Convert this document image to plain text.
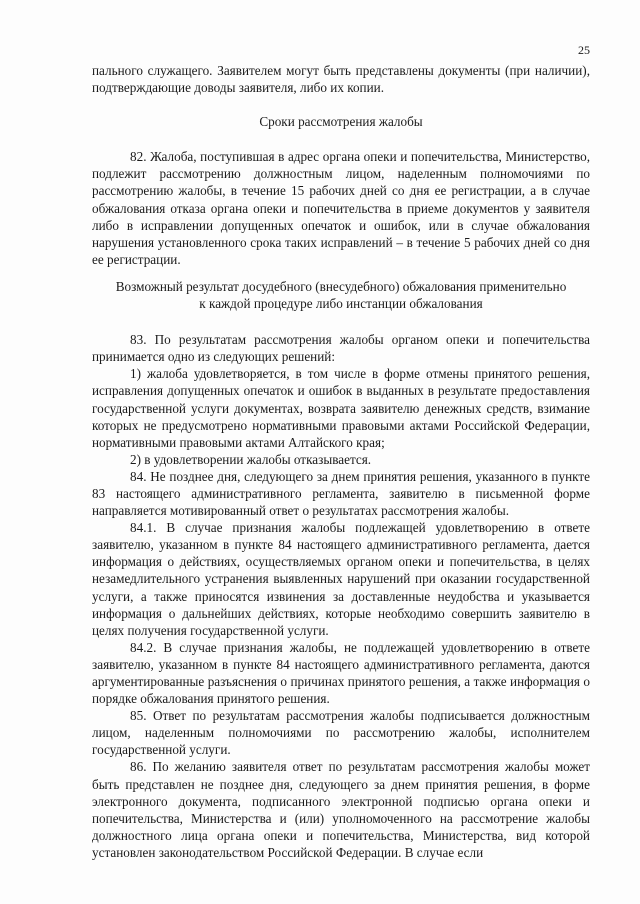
25

пального служащего. Заявителем могут быть представлены документы (при наличии), подтверждающие доводы заявителя, либо их копии.

Сроки рассмотрения жалобы

82. Жалоба, поступившая в адрес органа опеки и попечительства, Министерство, подлежит рассмотрению должностным лицом, наделенным полномочиями по рассмотрению жалобы, в течение 15 рабочих дней со дня ее регистрации, а в случае обжалования отказа органа опеки и попечительства в приеме документов у заявителя либо в исправлении допущенных опечаток и ошибок, или в случае обжалования нарушения установленного срока таких исправлений – в течение 5 рабочих дней со дня ее регистрации.

Возможный результат досудебного (внесудебного) обжалования применительно к каждой процедуре либо инстанции обжалования

83. По результатам рассмотрения жалобы органом опеки и попечительства принимается одно из следующих решений:

1) жалоба удовлетворяется, в том числе в форме отмены принятого решения, исправления допущенных опечаток и ошибок в выданных в результате предоставления государственной услуги документах, возврата заявителю денежных средств, взимание которых не предусмотрено нормативными правовыми актами Российской Федерации, нормативными правовыми актами Алтайского края;

2) в удовлетворении жалобы отказывается.

84. Не позднее дня, следующего за днем принятия решения, указанного в пункте 83 настоящего административного регламента, заявителю в письменной форме направляется мотивированный ответ о результатах рассмотрения жалобы.

84.1. В случае признания жалобы подлежащей удовлетворению в ответе заявителю, указанном в пункте 84 настоящего административного регламента, дается информация о действиях, осуществляемых органом опеки и попечительства, в целях незамедлительного устранения выявленных нарушений при оказании государственной услуги, а также приносятся извинения за доставленные неудобства и указывается информация о дальнейших действиях, которые необходимо совершить заявителю в целях получения государственной услуги.

84.2. В случае признания жалобы, не подлежащей удовлетворению в ответе заявителю, указанном в пункте 84 настоящего административного регламента, даются аргументированные разъяснения о причинах принятого решения, а также информация о порядке обжалования принятого решения.

85. Ответ по результатам рассмотрения жалобы подписывается должностным лицом, наделенным полномочиями по рассмотрению жалобы, исполнителем государственной услуги.

86. По желанию заявителя ответ по результатам рассмотрения жалобы может быть представлен не позднее дня, следующего за днем принятия решения, в форме электронного документа, подписанного электронной подписью органа опеки и попечительства, Министерства и (или) уполномоченного на рассмотрение жалобы должностного лица органа опеки и попечительства, Министерства, вид которой установлен законодательством Российской Федерации. В случае если
